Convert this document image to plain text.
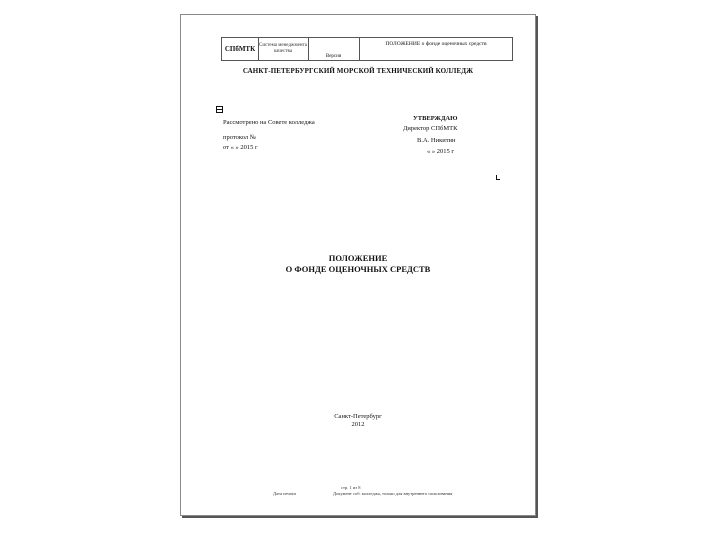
СПбМТК Система менеджмента качества
Версия
ПОЛОЖЕНИЕ о фонде оценочных средств
САНКТ-ПЕТЕРБУРГСКИЙ МОРСКОЙ ТЕХНИЧЕСКИЙ КОЛЛЕДЖ
Рассмотрено на Совете колледжа
протокол №
от « » 2015 г
УТВЕРЖДАЮ
Директор СПбМТК
В.А. Никитин
« » 2015 г
ПОЛОЖЕНИЕ
О ФОНДЕ ОЦЕНОЧНЫХ СРЕДСТВ
Санкт-Петербург
2012
стр. 1 из 8
Дата печати	Документ соб. колледжа, только для внутреннего пользования
